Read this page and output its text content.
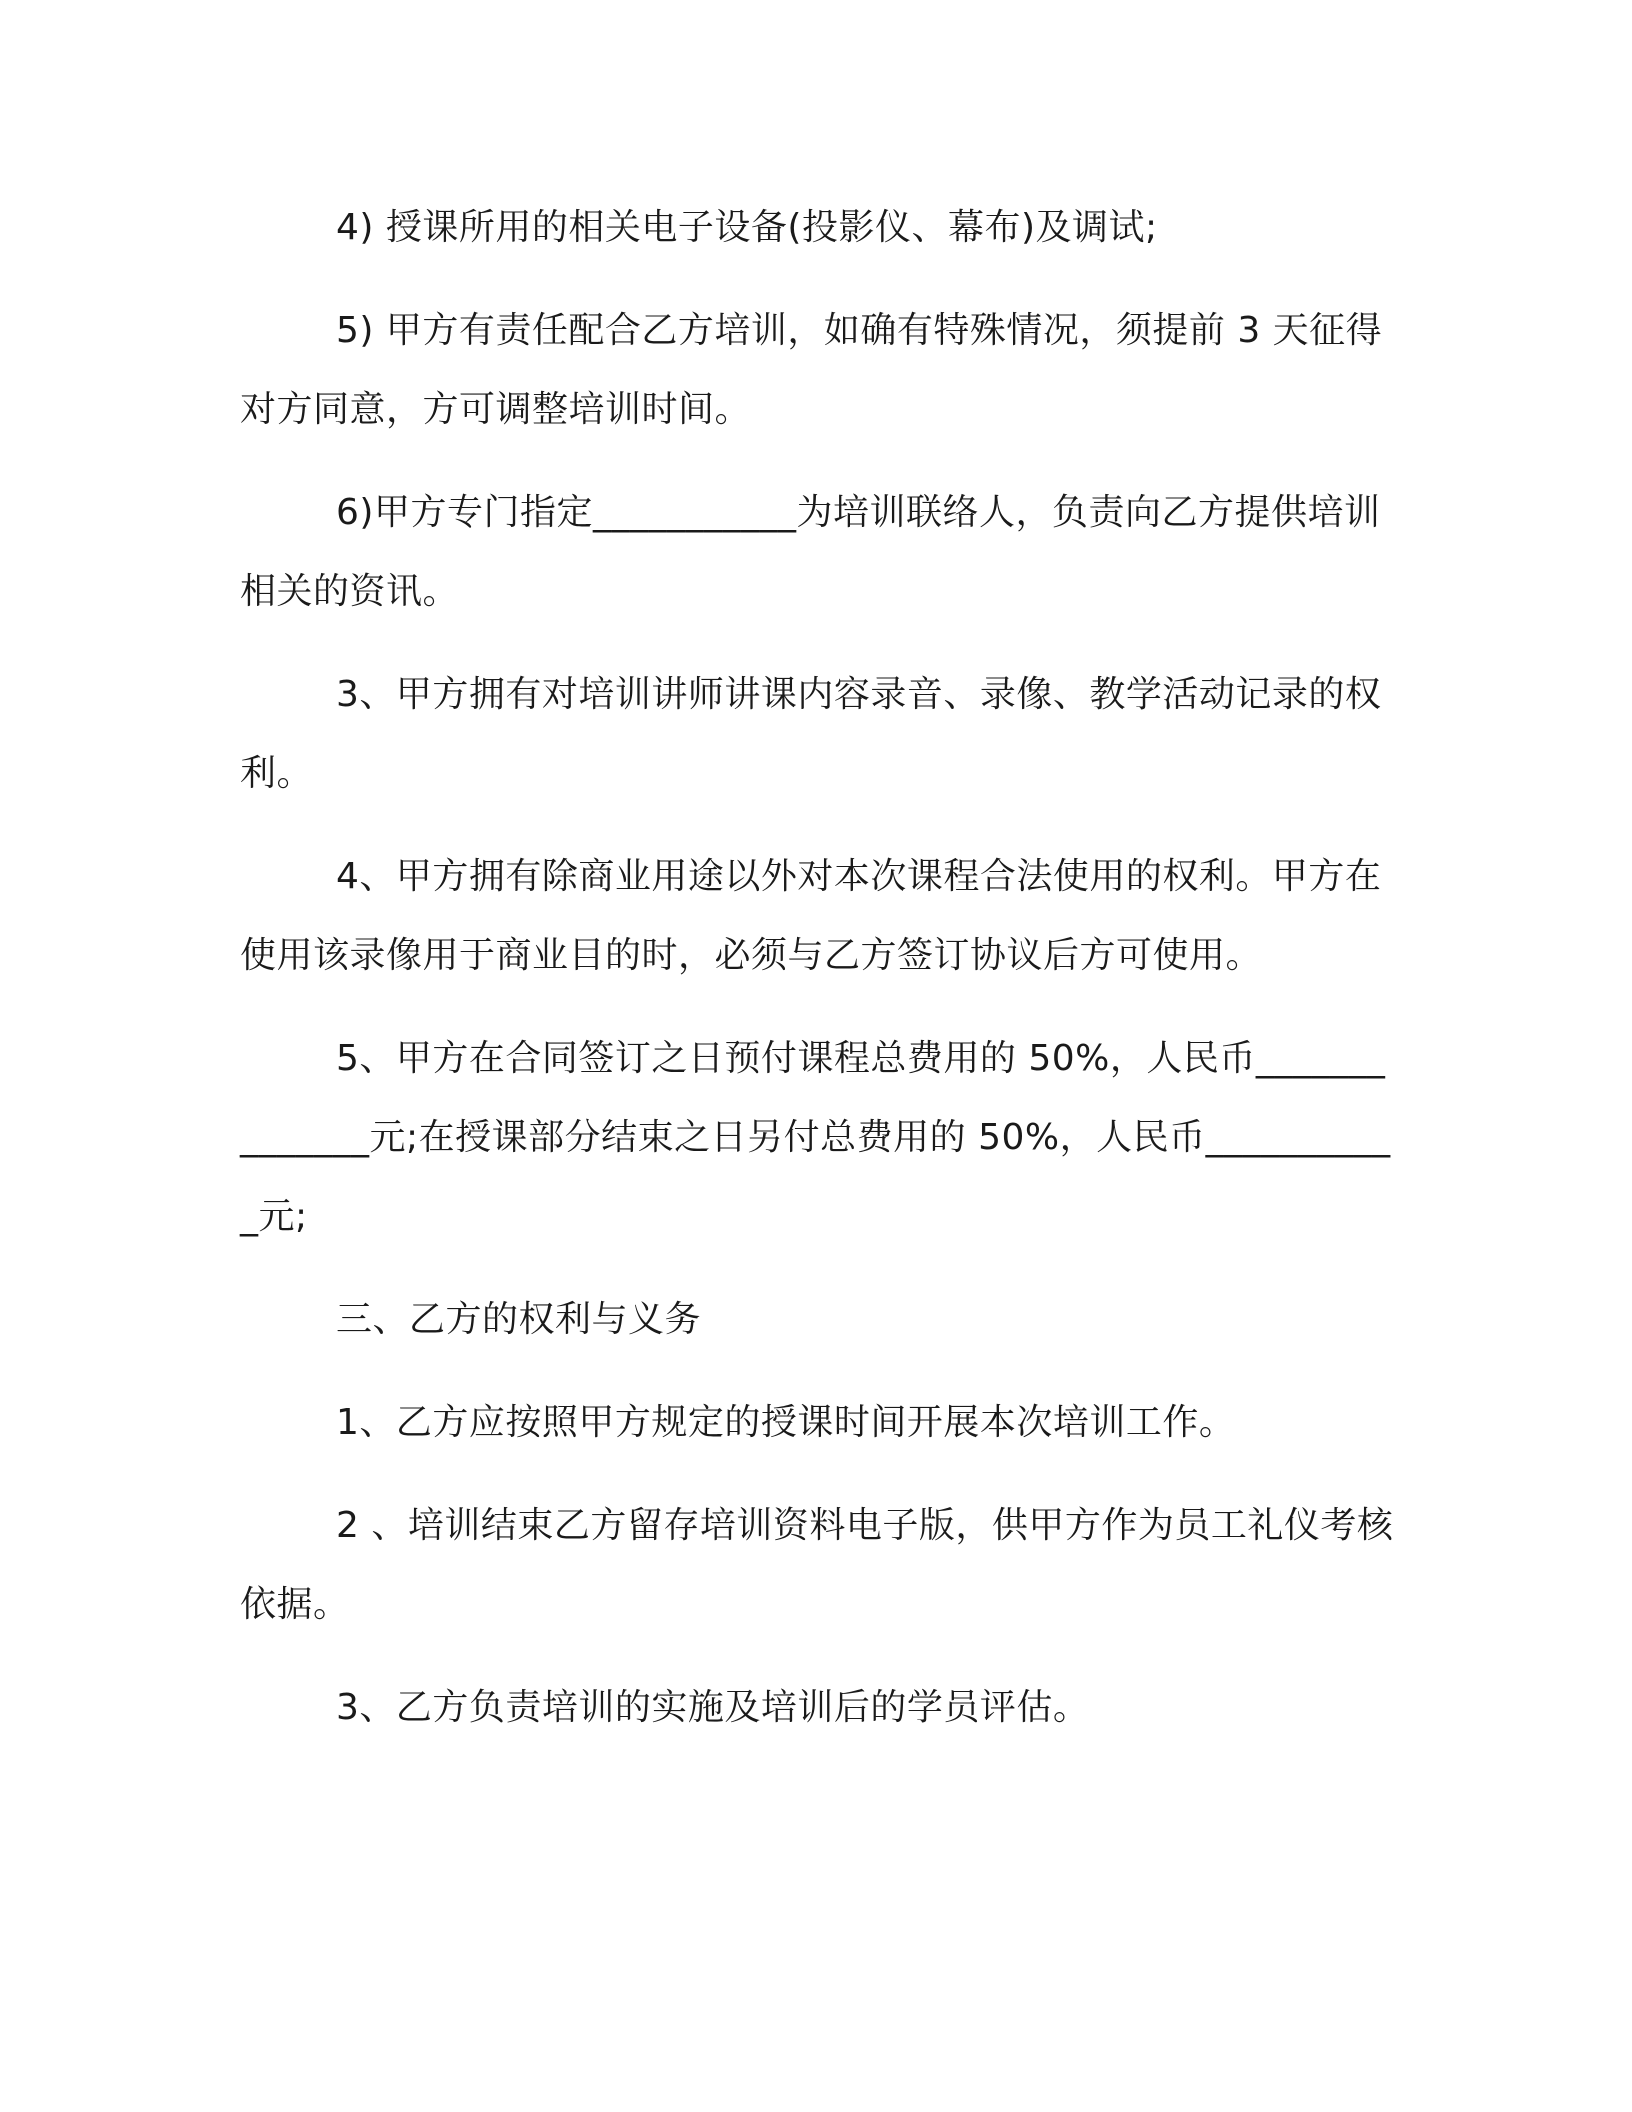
4) 授课所用的相关电子设备(投影仪、幕布)及调试;

5) 甲方有责任配合乙方培训，如确有特殊情况，须提前 3 天征得对方同意，方可调整培训时间。

6)甲方专门指定___________为培训联络人，负责向乙方提供培训相关的资讯。

3、甲方拥有对培训讲师讲课内容录音、录像、教学活动记录的权利。

4、甲方拥有除商业用途以外对本次课程合法使用的权利。甲方在使用该录像用于商业目的时，必须与乙方签订协议后方可使用。

5、甲方在合同签订之日预付课程总费用的 50%，人民币______________元;在授课部分结束之日另付总费用的 50%，人民币___________元;

三、乙方的权利与义务

1、乙方应按照甲方规定的授课时间开展本次培训工作。

2 、培训结束乙方留存培训资料电子版，供甲方作为员工礼仪考核依据。

3、乙方负责培训的实施及培训后的学员评估。
